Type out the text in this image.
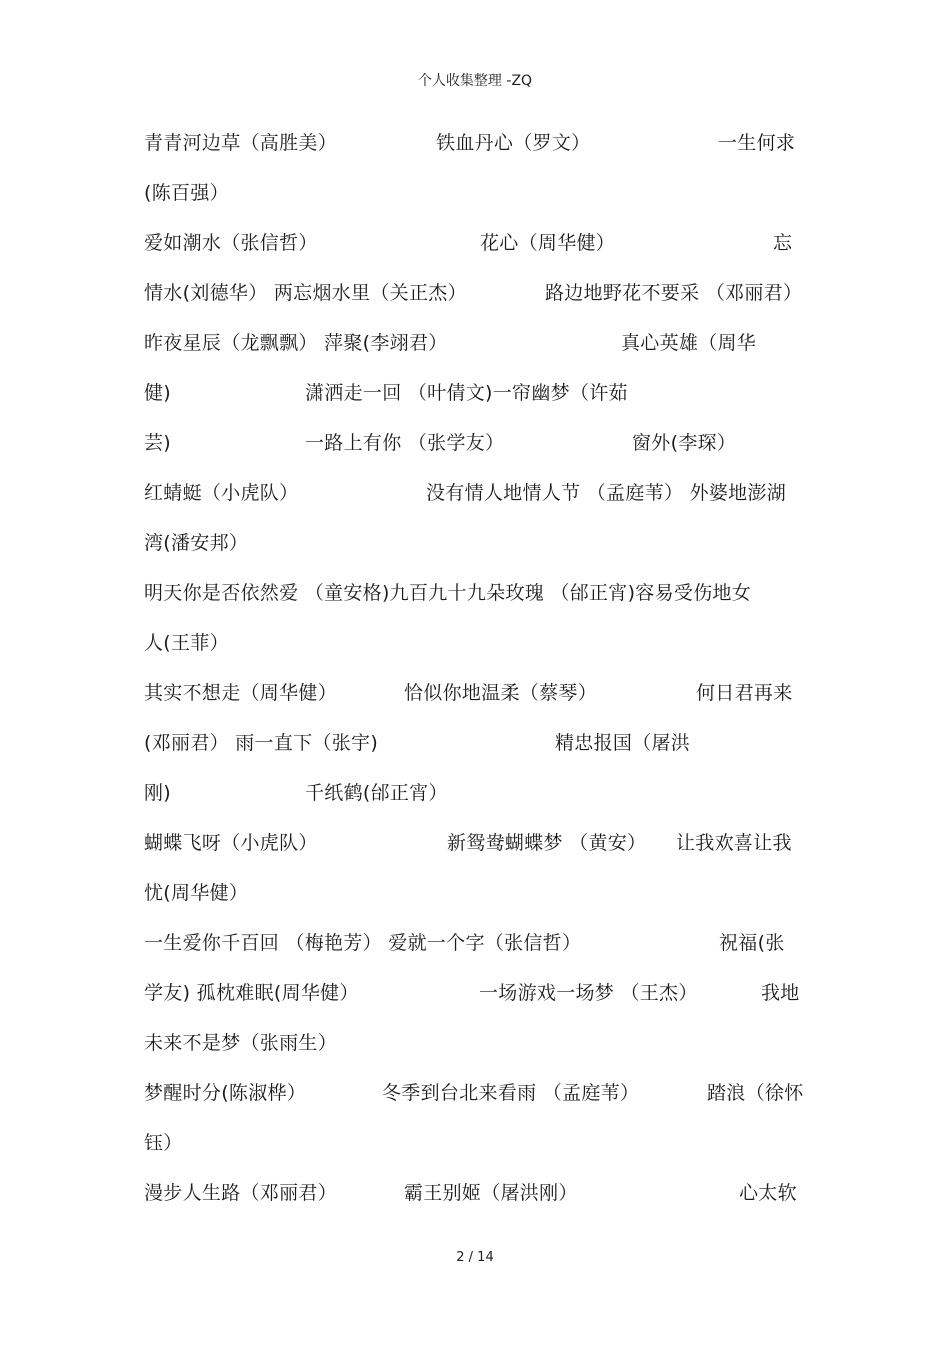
个人收集整理 -ZQ
青青河边草（高胜美）	铁血丹心（罗文）	一生何求
(陈百强）
爱如潮水（张信哲）	花心（周华健）	忘
情水(刘德华） 两忘烟水里（关正杰）	路边地野花不要采 （邓丽君）
昨夜星辰（龙飘飘） 萍聚(李翊君）	真心英雄（周华
健)	潇洒走一回 （叶倩文)一帘幽梦（许茹
芸)	一路上有你 （张学友）	窗外(李琛）
红蜻蜓（小虎队）	没有情人地情人节 （孟庭苇） 外婆地澎湖
湾(潘安邦）
明天你是否依然爱 （童安格)九百九十九朵玫瑰 （邰正宵)容易受伤地女
人(王菲）
其实不想走（周华健）	恰似你地温柔（蔡琴）	何日君再来
(邓丽君） 雨一直下（张宇)	精忠报国（屠洪
刚)	千纸鹤(邰正宵）
蝴蝶飞呀（小虎队）	新鸳鸯蝴蝶梦 （黄安） 让我欢喜让我
忧(周华健）
一生爱你千百回 （梅艳芳） 爱就一个字（张信哲）	祝福(张
学友) 孤枕难眠(周华健）	一场游戏一场梦 （王杰）	我地
未来不是梦（张雨生）
梦醒时分(陈淑桦）	冬季到台北来看雨 （孟庭苇）	踏浪（徐怀
钰）
漫步人生路（邓丽君）	霸王别姬（屠洪刚）	心太软
2 / 14
